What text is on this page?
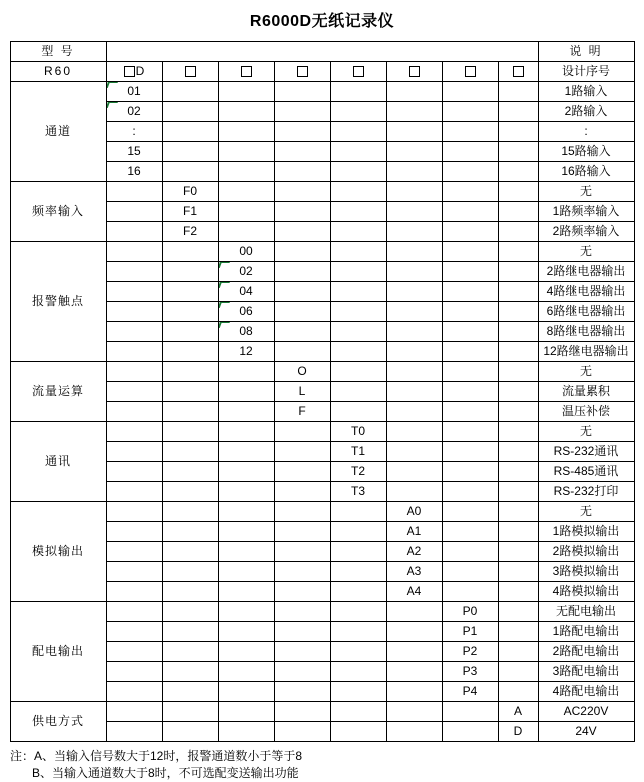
R6000D无纸记录仪
型 号									说 明
R60	D								设计序号
通道	01								1路输入
	02								2路输入
	:								:
	15								15路输入
	16								16路输入
频率输入		F0							无
		F1							1路频率输入
		F2							2路频率输入
报警触点			00						无
			02						2路继电器输出
			04						4路继电器输出
			06						6路继电器输出
			08						8路继电器输出
			12						12路继电器输出
流量运算				O					无
				L					流量累积
				F					温压补偿
通讯					T0				无
					T1				RS-232通讯
					T2				RS-485通讯
					T3				RS-232打印
模拟输出						A0			无
						A1			1路模拟输出
						A2			2路模拟输出
						A3			3路模拟输出
						A4			4路模拟输出
配电输出							P0		无配电输出
							P1		1路配电输出
							P2		2路配电输出
							P3		3路配电输出
							P4		4路配电输出
供电方式								A	AC220V
								D	24V
注：A、当输入信号数大于12时，报警通道数小于等于8
B、当输入通道数大于8时，不可选配变送输出功能
